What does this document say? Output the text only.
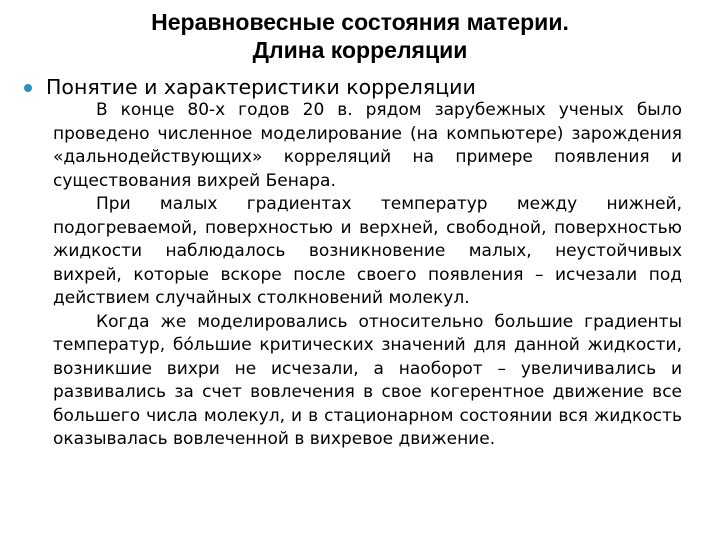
Неравновесные состояния материи.
Длина корреляции
Понятие и характеристики корреляции

В конце 80-х годов 20 в. рядом зарубежных ученых было проведено численное моделирование (на компьютере) зарождения «дальнодействующих» корреляций на примере появления и существования вихрей Бенара.

При малых градиентах температур между нижней, подогреваемой, поверхностью и верхней, свободной, поверхностью жидкости наблюдалось возникновение малых, неустойчивых вихрей, которые вскоре после своего появления – исчезали под действием случайных столкновений молекул.

Когда же моделировались относительно большие градиенты температур, бо́льшие критических значений для данной жидкости, возникшие вихри не исчезали, а наоборот – увеличивались и развивались за счет вовлечения в свое когерентное движение все большего числа молекул, и в стационарном состоянии вся жидкость оказывалась вовлеченной в вихревое движение.
